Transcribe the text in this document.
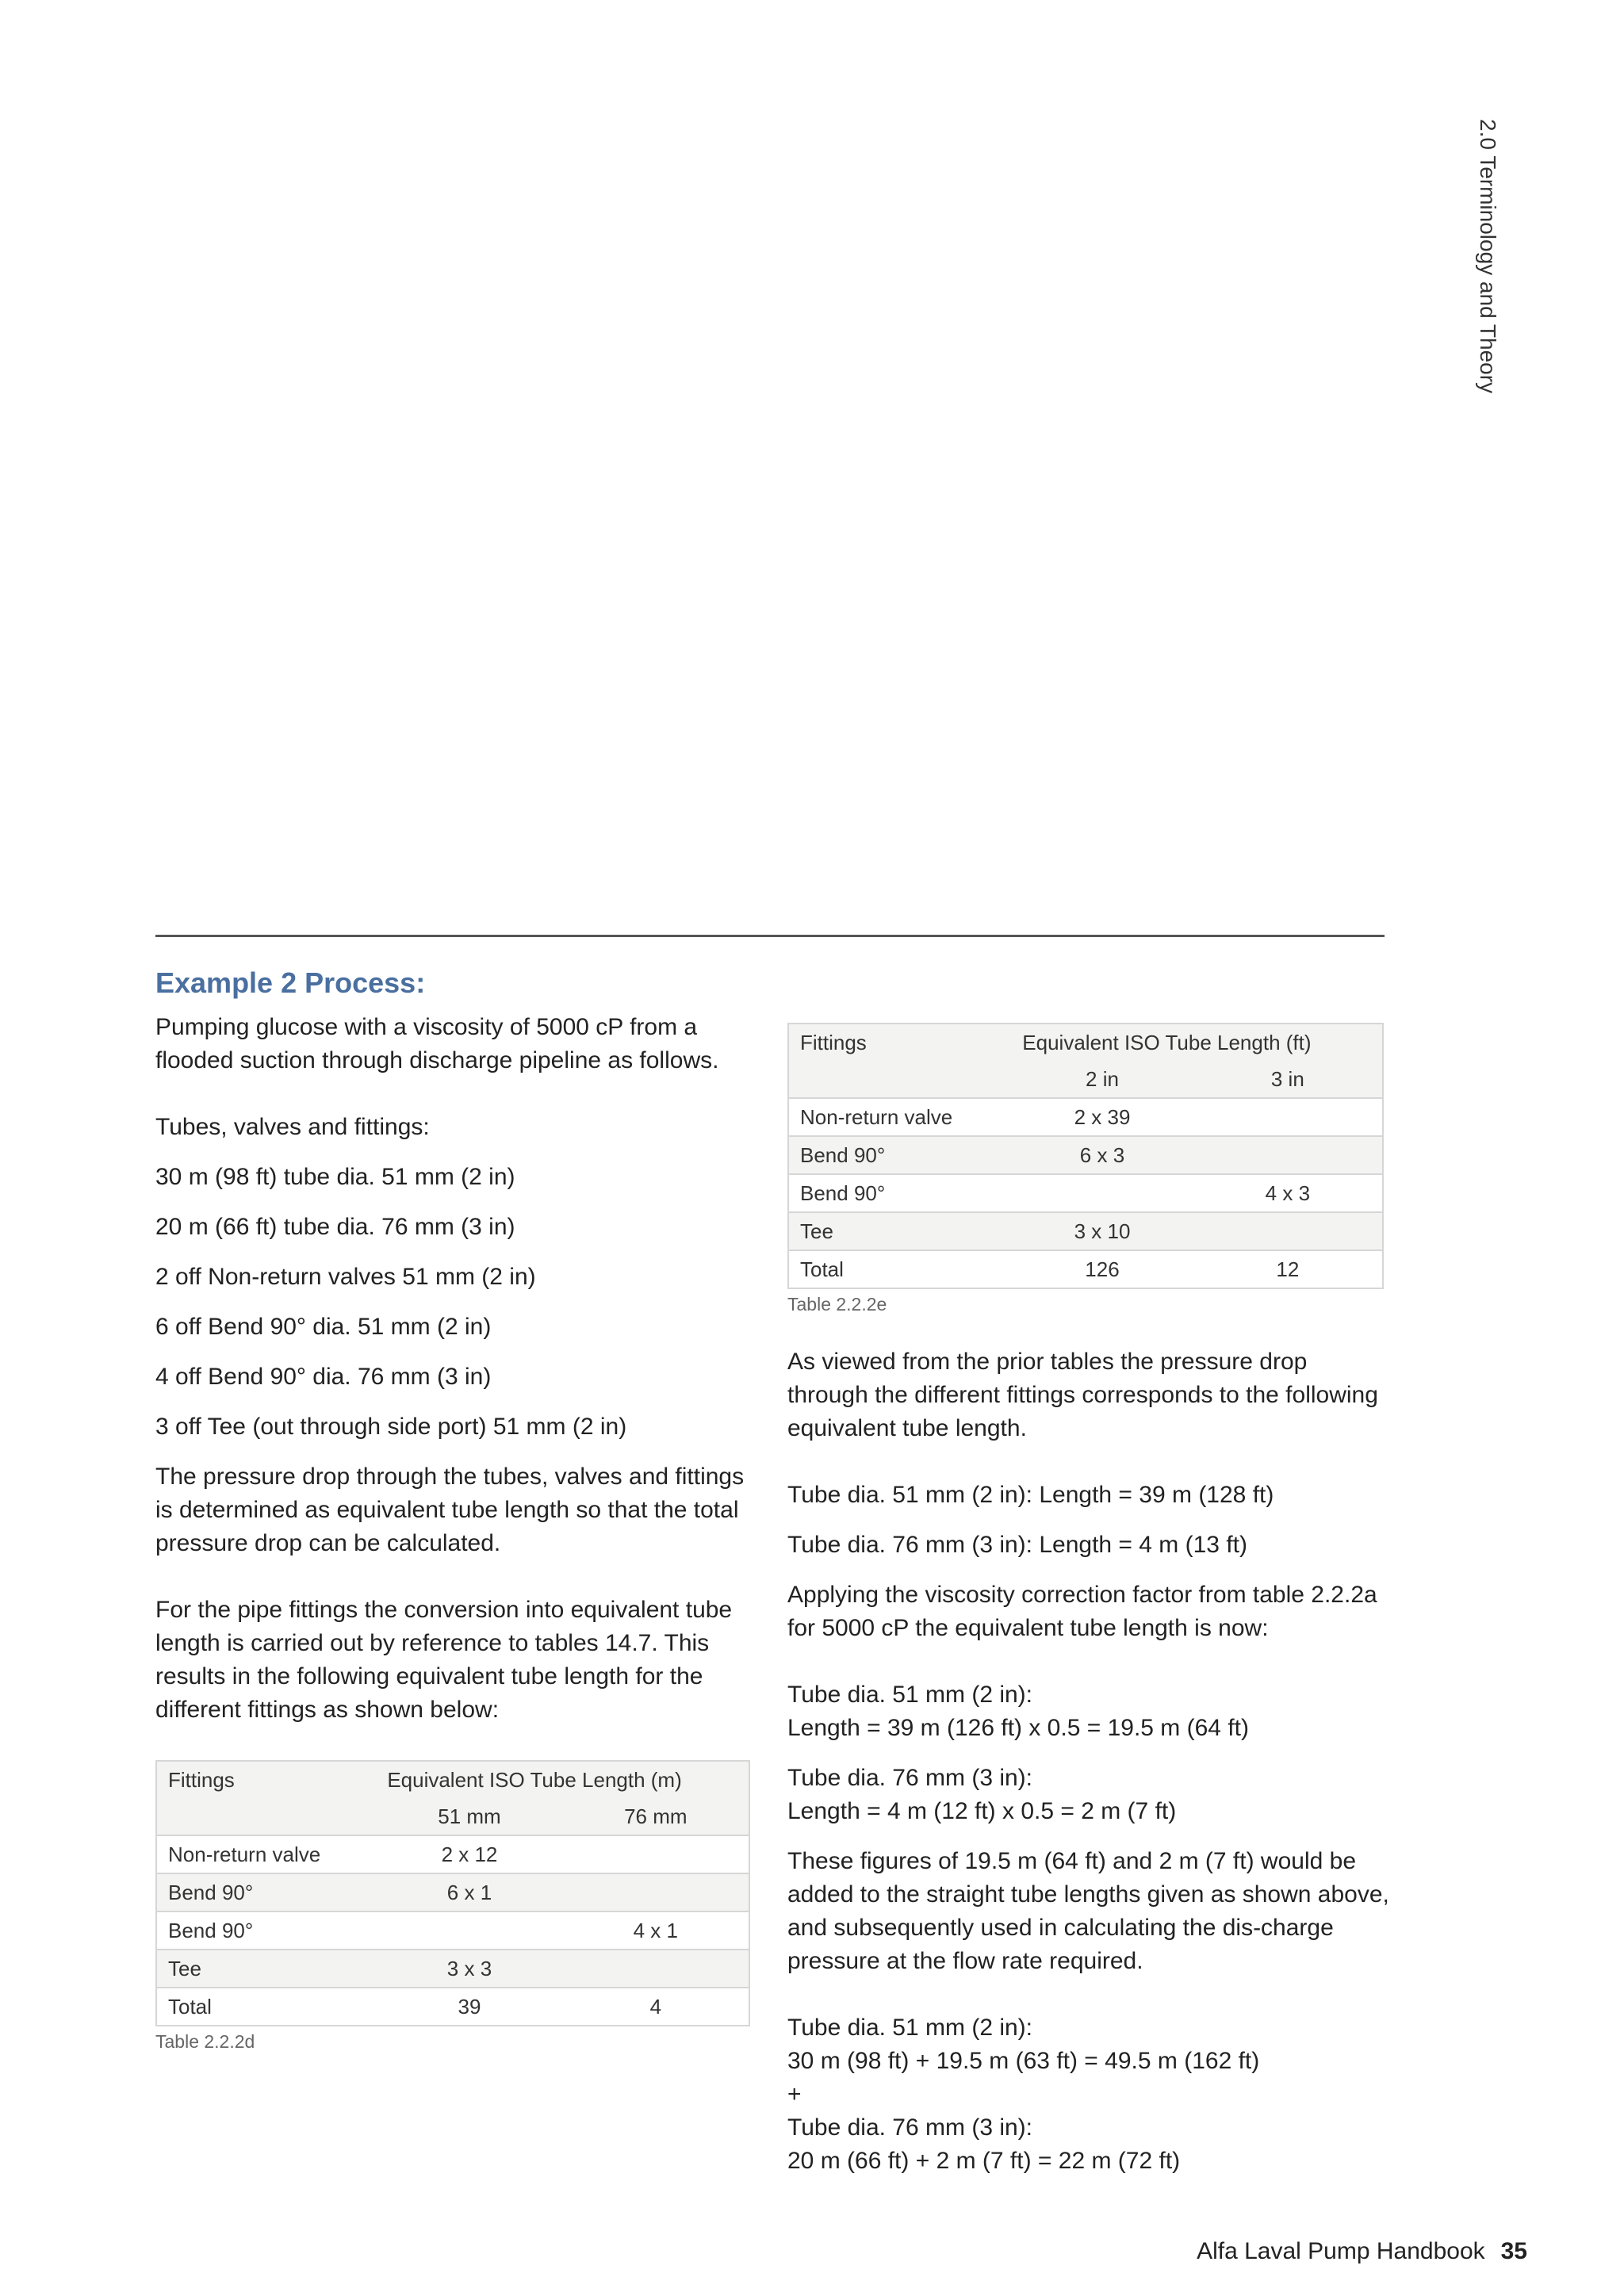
2.0 Terminology and Theory
Example 2 Process:

Pumping glucose with a viscosity of 5000 cP from a flooded suction through discharge pipeline as follows.

Tubes, valves and fittings:

30 m (98 ft) tube dia. 51 mm (2 in)

20 m (66 ft) tube dia. 76 mm (3 in)

2 off Non-return valves 51 mm (2 in)

6 off Bend 90° dia. 51 mm (2 in)

4 off Bend 90° dia. 76 mm (3 in)

3 off Tee (out through side port) 51 mm (2 in)

The pressure drop through the tubes, valves and fittings is determined as equivalent tube length so that the total pressure drop can be calculated.

For the pipe fittings the conversion into equivalent tube length is carried out by reference to tables 14.7. This results in the following equivalent tube length for the different fittings as shown below:

Fittings	Equivalent ISO Tube Length (m)	
	51 mm	76 mm
Non-return valve	2 x 12	
Bend 90°	6 x 1	
Bend 90°		4 x 1
Tee	3 x 3	
Total	39	4
Table 2.2.2d
Fittings	Equivalent ISO Tube Length (ft)	
	2 in	3 in
Non-return valve	2 x 39	
Bend 90°	6 x 3	
Bend 90°		4 x 3
Tee	3 x 10	
Total	126	12
Table 2.2.2e

As viewed from the prior tables the pressure drop through the different fittings corresponds to the following equivalent tube length.

Tube dia. 51 mm (2 in): Length = 39 m (128 ft)

Tube dia. 76 mm (3 in): Length = 4 m (13 ft)

Applying the viscosity correction factor from table 2.2.2a for 5000 cP the equivalent tube length is now:

Tube dia. 51 mm (2 in):

Length = 39 m (126 ft) x 0.5 = 19.5 m (64 ft)

Tube dia. 76 mm (3 in):

Length = 4 m (12 ft) x 0.5 = 2 m (7 ft)

These figures of 19.5 m (64 ft) and 2 m (7 ft) would be added to the straight tube lengths given as shown above, and subsequently used in calculating the dis-charge pressure at the flow rate required.

Tube dia. 51 mm (2 in):

30 m (98 ft) + 19.5 m (63 ft) = 49.5 m (162 ft)

+

Tube dia. 76 mm (3 in):

20 m (66 ft) + 2 m (7 ft) = 22 m (72 ft)

Alfa Laval Pump Handbook 35
